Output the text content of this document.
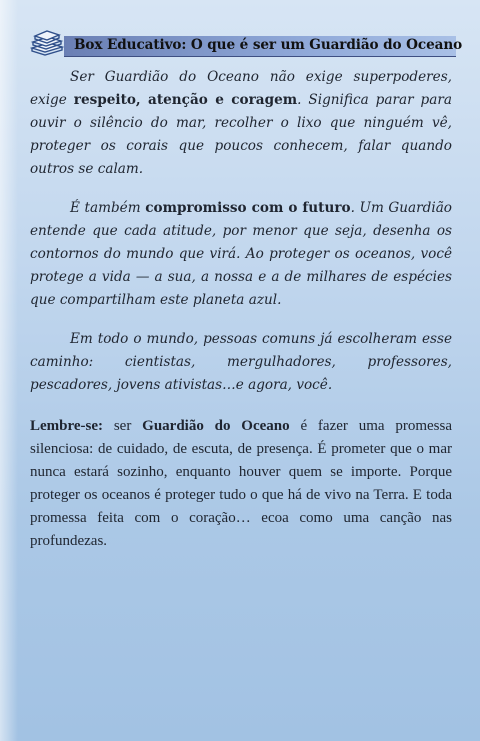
Box Educativo: O que é ser um Guardião do Oceano

Ser Guardião do Oceano não exige superpoderes, exige respeito, atenção e coragem. Significa parar para ouvir o silêncio do mar, recolher o lixo que ninguém vê, proteger os corais que poucos conhecem, falar quando outros se calam.

É também compromisso com o futuro. Um Guardião entende que cada atitude, por menor que seja, desenha os contornos do mundo que virá. Ao proteger os oceanos, você protege a vida — a sua, a nossa e a de milhares de espécies que compartilham este planeta azul.

Em todo o mundo, pessoas comuns já escolheram esse caminho: cientistas, mergulhadores, professores, pescadores, jovens ativistas…e agora, você.

Lembre-se: ser Guardião do Oceano é fazer uma promessa silenciosa: de cuidado, de escuta, de presença. É prometer que o mar nunca estará sozinho, enquanto houver quem se importe. Porque proteger os oceanos é proteger tudo o que há de vivo na Terra. E toda promessa feita com o coração… ecoa como uma canção nas profundezas.
